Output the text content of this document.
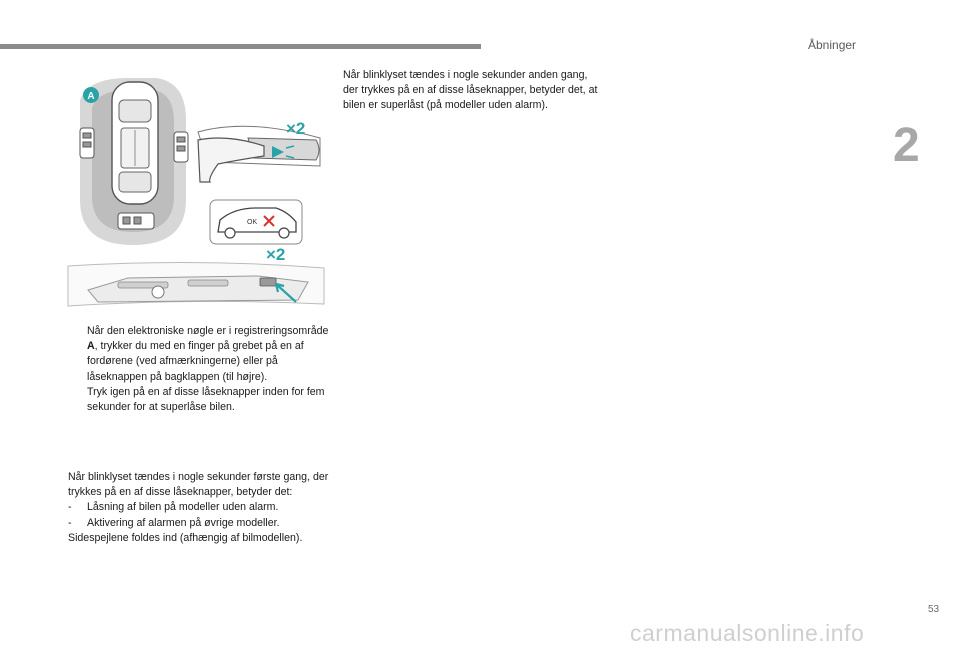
Åbninger
2
A
×2
OK
×2
Når blinklyset tændes i nogle sekunder anden gang, der trykkes på en af disse låseknapper, betyder det, at bilen er superlåst (på modeller uden alarm).
Når den elektroniske nøgle er i registreringsområde A, trykker du med en finger på grebet på en af fordørene (ved afmærkningerne) eller på låseknappen på bagklappen (til højre).
Tryk igen på en af disse låseknapper inden for fem sekunder for at superlåse bilen.
Når blinklyset tændes i nogle sekunder første gang, der trykkes på en af disse låseknapper, betyder det:
- Låsning af bilen på modeller uden alarm.
- Aktivering af alarmen på øvrige modeller.
Sidespejlene foldes ind (afhængig af bilmodellen).
53
carmanualsonline.info
